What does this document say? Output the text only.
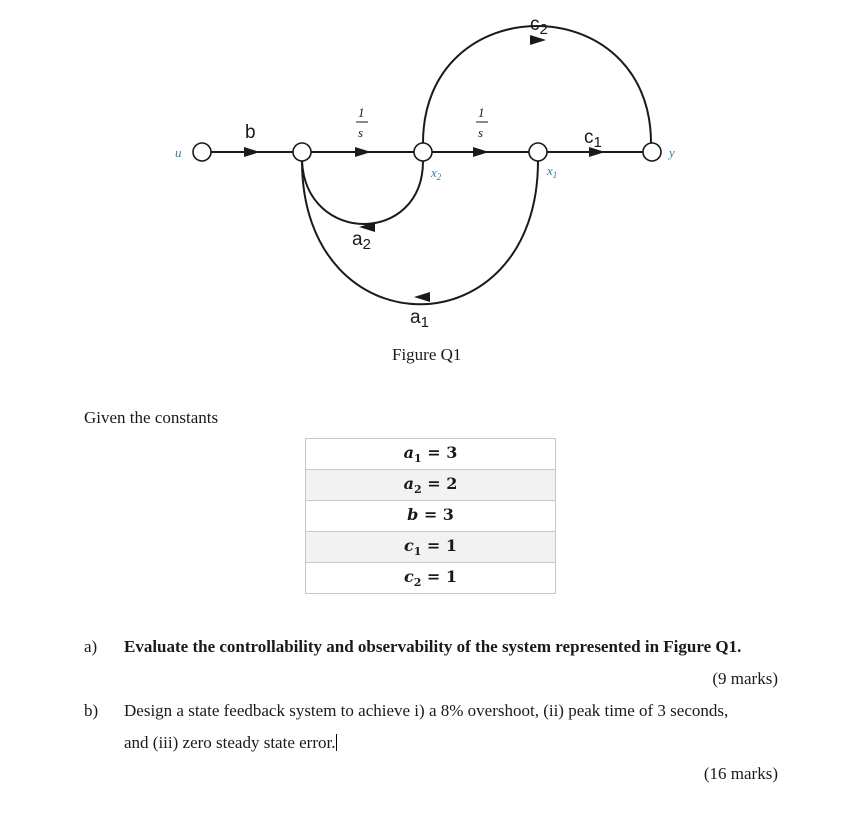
u	y
$x_2$	$x_1$
b
1
s
1
s	$c_1$
$c_2$
$a_2$
$a_1$
Figure Q1
Given the constants
$a_1 = 3$
$a_2 = 2$
b = 3
$c_1 = 1$
$c_2 = 1$
a) Evaluate the controllability and observability of the system represented in Figure Q1.
(9 marks)
b) Design a state feedback system to achieve i) a 8% overshoot, (ii) peak time of 3 seconds,
and (iii) zero steady state error.
(16 marks)
